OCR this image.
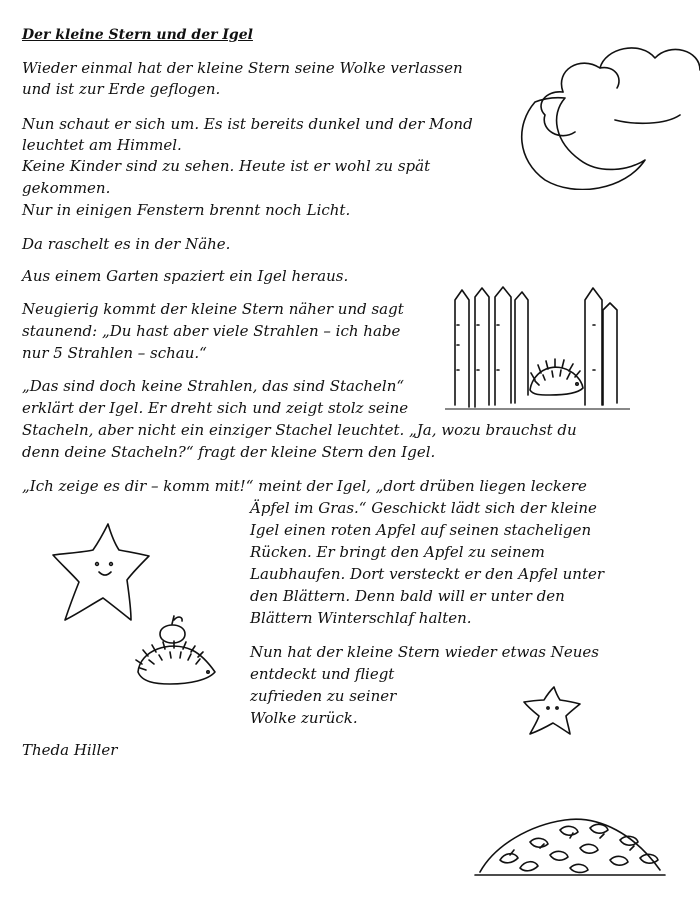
Der kleine Stern und der Igel
Wieder einmal hat der kleine Stern seine Wolke verlassen
und ist zur Erde geflogen.
Nun schaut er sich um. Es ist bereits dunkel und der Mond
leuchtet am Himmel.
Keine Kinder sind zu sehen. Heute ist er wohl zu spät
gekommen.
Nur in einigen Fenstern brennt noch Licht.
Da raschelt es in der Nähe.
Aus einem Garten spaziert ein Igel heraus.
Neugierig kommt der kleine Stern näher und sagt
staunend: „Du hast aber viele Strahlen – ich habe
nur 5 Strahlen – schau.“
„Das sind doch keine Strahlen, das sind Stacheln“
erklärt der Igel. Er dreht sich und zeigt stolz seine
Stacheln, aber nicht ein einziger Stachel leuchtet. „Ja, wozu brauchst du
denn deine Stacheln?“ fragt der kleine Stern den Igel.
„Ich zeige es dir – komm mit!“ meint der Igel, „dort drüben liegen leckere
Äpfel im Gras.“ Geschickt lädt sich der kleine
Igel einen roten Apfel auf seinen stacheligen
Rücken. Er bringt den Apfel zu seinem
Laubhaufen. Dort versteckt er den Apfel unter
den Blättern. Denn bald will er unter den
Blättern Winterschlaf halten.
Nun hat der kleine Stern wieder etwas Neues
entdeckt und fliegt
zufrieden zu seiner
Wolke zurück.
Theda Hiller
